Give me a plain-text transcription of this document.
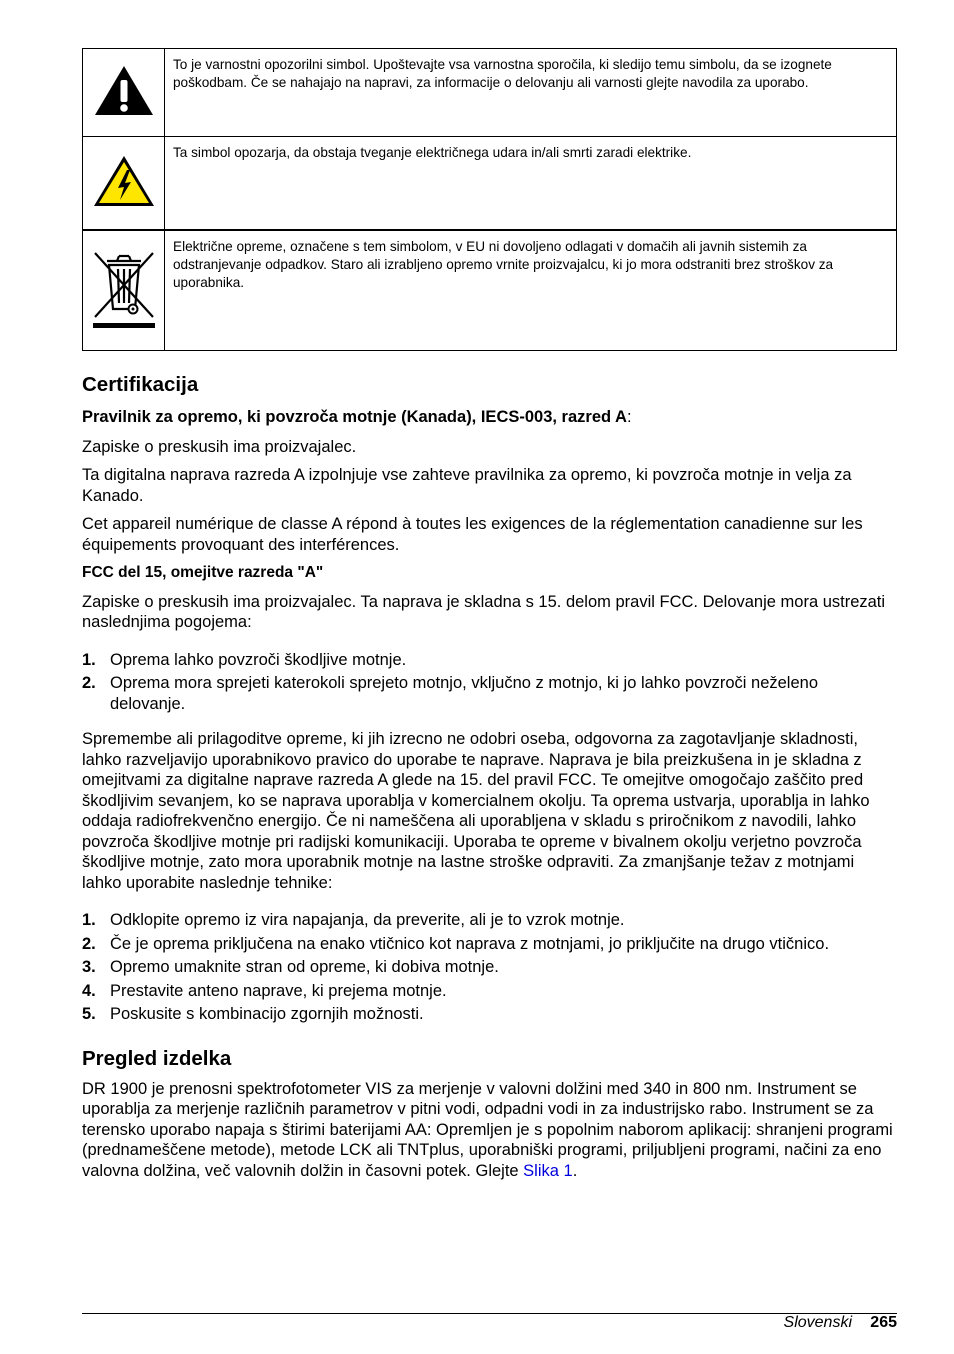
	To je varnostni opozorilni simbol. Upoštevajte vsa varnostna sporočila, ki sledijo temu simbolu, da se izognete poškodbam. Če se nahajajo na napravi, za informacije o delovanju ali varnosti glejte navodila za uporabo.
	Ta simbol opozarja, da obstaja tveganje električnega udara in/ali smrti zaradi elektrike.
	Električne opreme, označene s tem simbolom, v EU ni dovoljeno odlagati v domačih ali javnih sistemih za odstranjevanje odpadkov. Staro ali izrabljeno opremo vrnite proizvajalcu, ki jo mora odstraniti brez stroškov za uporabnika.
Certifikacija

Pravilnik za opremo, ki povzroča motnje (Kanada), IECS-003, razred A:

Zapiske o preskusih ima proizvajalec.

Ta digitalna naprava razreda A izpolnjuje vse zahteve pravilnika za opremo, ki povzroča motnje in velja za Kanado.

Cet appareil numérique de classe A répond à toutes les exigences de la réglementation canadienne sur les équipements provoquant des interférences.

FCC del 15, omejitve razreda "A"

Zapiske o preskusih ima proizvajalec. Ta naprava je skladna s 15. delom pravil FCC. Delovanje mora ustrezati naslednjima pogojema:

1. Oprema lahko povzroči škodljive motnje.
2. Oprema mora sprejeti katerokoli sprejeto motnjo, vključno z motnjo, ki jo lahko povzroči neželeno delovanje.

Spremembe ali prilagoditve opreme, ki jih izrecno ne odobri oseba, odgovorna za zagotavljanje skladnosti, lahko razveljavijo uporabnikovo pravico do uporabe te naprave. Naprava je bila preizkušena in je skladna z omejitvami za digitalne naprave razreda A glede na 15. del pravil FCC. Te omejitve omogočajo zaščito pred škodljivim sevanjem, ko se naprava uporablja v komercialnem okolju. Ta oprema ustvarja, uporablja in lahko oddaja radiofrekvenčno energijo. Če ni nameščena ali uporabljena v skladu s priročnikom z navodili, lahko povzroča škodljive motnje pri radijski komunikaciji. Uporaba te opreme v bivalnem okolju verjetno povzroča škodljive motnje, zato mora uporabnik motnje na lastne stroške odpraviti. Za zmanjšanje težav z motnjami lahko uporabite naslednje tehnike:

1. Odklopite opremo iz vira napajanja, da preverite, ali je to vzrok motnje.
2. Če je oprema priključena na enako vtičnico kot naprava z motnjami, jo priključite na drugo vtičnico.
3. Opremo umaknite stran od opreme, ki dobiva motnje.
4. Prestavite anteno naprave, ki prejema motnje.
5. Poskusite s kombinacijo zgornjih možnosti.
Pregled izdelka

DR 1900 je prenosni spektrofotometer VIS za merjenje v valovni dolžini med 340 in 800 nm. Instrument se uporablja za merjenje različnih parametrov v pitni vodi, odpadni vodi in za industrijsko rabo. Instrument se za terensko uporabo napaja s štirimi baterijami AA: Opremljen je s popolnim naborom aplikacij: shranjeni programi (prednameščene metode), metode LCK ali TNTplus, uporabniški programi, priljubljeni programi, načini za eno valovna dolžina, več valovnih dolžin in časovni potek. Glejte Slika 1.

Slovenski 265
